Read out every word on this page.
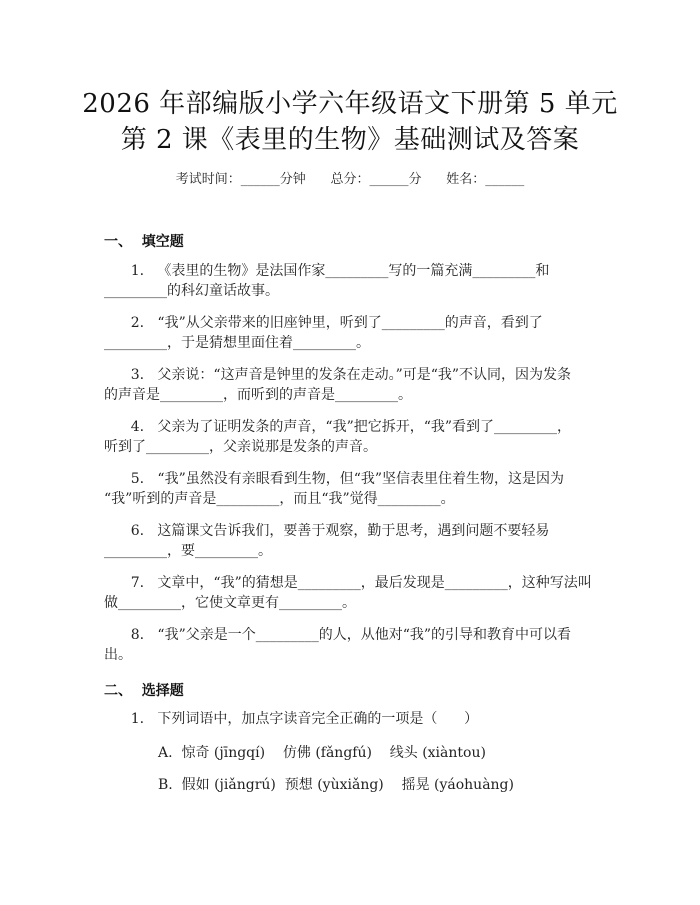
2026 年部编版小学六年级语文下册第 5 单元
第 2 课《表里的生物》基础测试及答案
考试时间：______分钟      总分：______分      姓名：______
一、  填空题
1.   《表里的生物》是法国作家_________写的一篇充满_________和
_________的科幻童话故事。
2.   “我”从父亲带来的旧座钟里，听到了_________的声音，看到了
_________，于是猜想里面住着_________。
3.   父亲说：“这声音是钟里的发条在走动。”可是“我”不认同，因为发条
的声音是_________，而听到的声音是_________。
4.   父亲为了证明发条的声音，“我”把它拆开，“我”看到了_________，
听到了_________，父亲说那是发条的声音。
5.   “我”虽然没有亲眼看到生物，但“我”坚信表里住着生物，这是因为
“我”听到的声音是_________，而且“我”觉得_________。
6.   这篇课文告诉我们，要善于观察，勤于思考，遇到问题不要轻易
_________，要_________。
7.   文章中，“我”的猜想是_________，最后发现是_________，这种写法叫
做_________，它使文章更有_________。
8.   “我”父亲是一个_________的人，从他对“我”的引导和教育中可以看
出。
二、  选择题
1.   下列词语中，加点字读音完全正确的一项是（      ）
A.  惊奇 (jīngqí)    仿佛 (fǎngfú)    线头 (xiàntou)
B.  假如 (jiǎngrú)  预想 (yùxiǎng)    摇晃 (yáohuàng)
